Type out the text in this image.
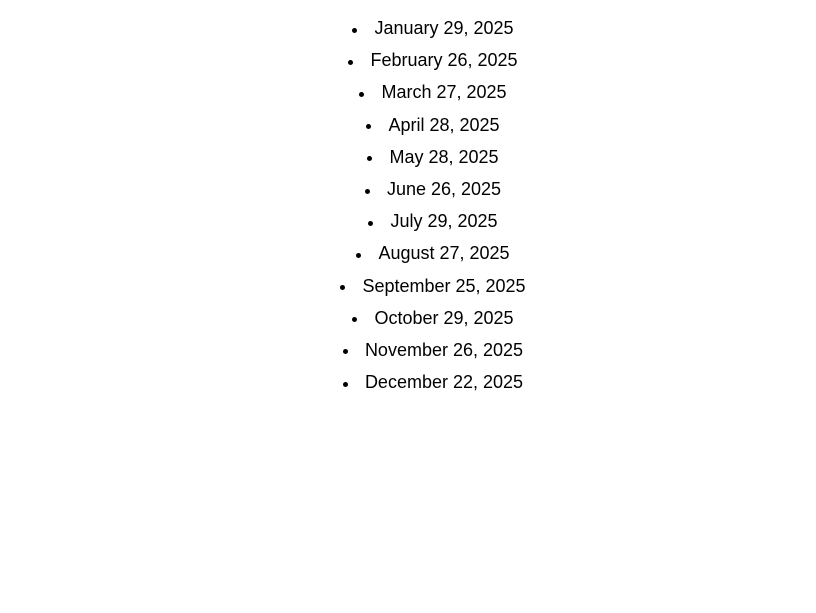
January 29, 2025
February 26, 2025
March 27, 2025
April 28, 2025
May 28, 2025
June 26, 2025
July 29, 2025
August 27, 2025
September 25, 2025
October 29, 2025
November 26, 2025
December 22, 2025
